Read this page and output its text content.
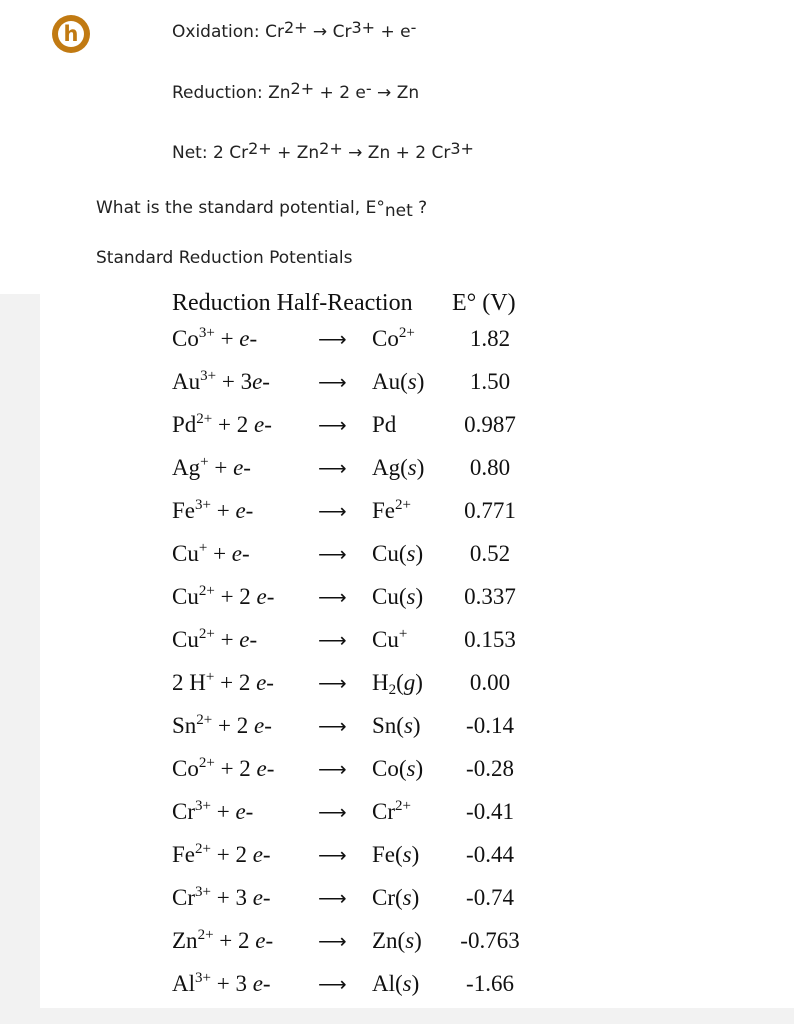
h	Oxidation: $Cr^{2+} \to Cr^{3+} + e^-$
Reduction: $Zn^{2+} + 2$ e- → Zn
Net: 2 $Cr^{2+} + Zn^{2+} \to Zn + 2$ $Cr^{3+}$
What is the standard potential, $E^\circ_{net}$ ?
Standard Reduction Potentials
Reduction Half-Reaction E° (V)
$Co^{3+} + e-$	⟶ $Co^{2+}$	1.82
$Au^{3+} + 3e-$ ⟶ Au(s)	1.50
$Pd^{2+} + 2$ e- ⟶ Pd	0.987
Ag+ + e-	⟶ Ag(s)	0.80
$Fe^{3+} + e-$	⟶ $Fe^{2+}$	0.771
Cu+ + e-	⟶ Cu(s)	0.52
$Cu^{2+} + 2$ e- ⟶ Cu(s)	0.337
$Cu^{2+} + e-$	⟶ Cu+	0.153
2 H+ + 2 e- ⟶ $H_2(g)$	0.00
$Sn^{2+} + 2$ e- ⟶ Sn(s)	-0.14
$Co^{2+} + 2$ e- ⟶ Co(s)	-0.28
$Cr^{3+} + e-$	⟶ $Cr^{2+}$	-0.41
$Fe^{2+} + 2$ e- ⟶ Fe(s)	-0.44
$Cr^{3+} + 3$ e- ⟶ Cr(s)	-0.74
$Zn^{2+} + 2$ e- ⟶ Zn(s)	-0.763
$Al^{3+} + 3$ e- ⟶ Al(s)	-1.66
